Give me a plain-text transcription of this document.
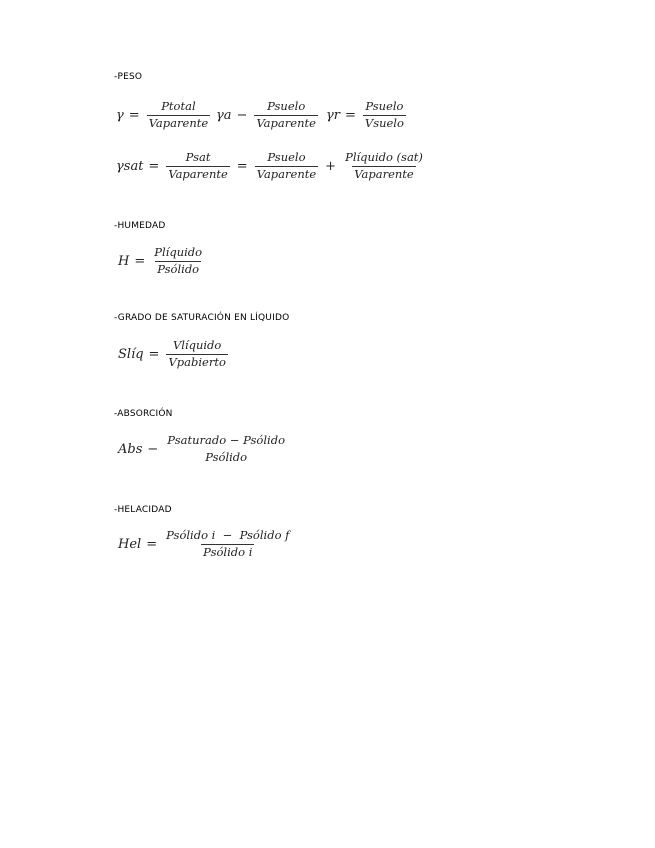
-PESO
$\gamma = \frac{\text{Ptotal}}{\text{Vaparente}}$ $\gamma a - \frac{\text{Psuelo}}{\text{Vaparente}}$ $\gamma r = \frac{\text{Psuelo}}{\text{Vsuelo}}$
$\gamma sat = \frac{\text{Psat}}{\text{Vaparente}} = \frac{\text{Psuelo}}{\text{Vaparente}} + \frac{\text{Plíquido (sat)}}{\text{Vaparente}}$
-HUMEDAD
$H = \frac{\text{Plíquido}}{\text{Psólido}}$
-GRADO DE SATURACIÓN EN LÍQUIDO
Slíq = $\frac{\text{Vlíquido}}{\text{Vpabierto}}$
-ABSORCIÓN
Abs −
Psaturado − Psólido
Psólido
-HELACIDAD
Hel = $\frac{\text{Psólido i  −  Psólido f}}{\text{Psólido i}}$
